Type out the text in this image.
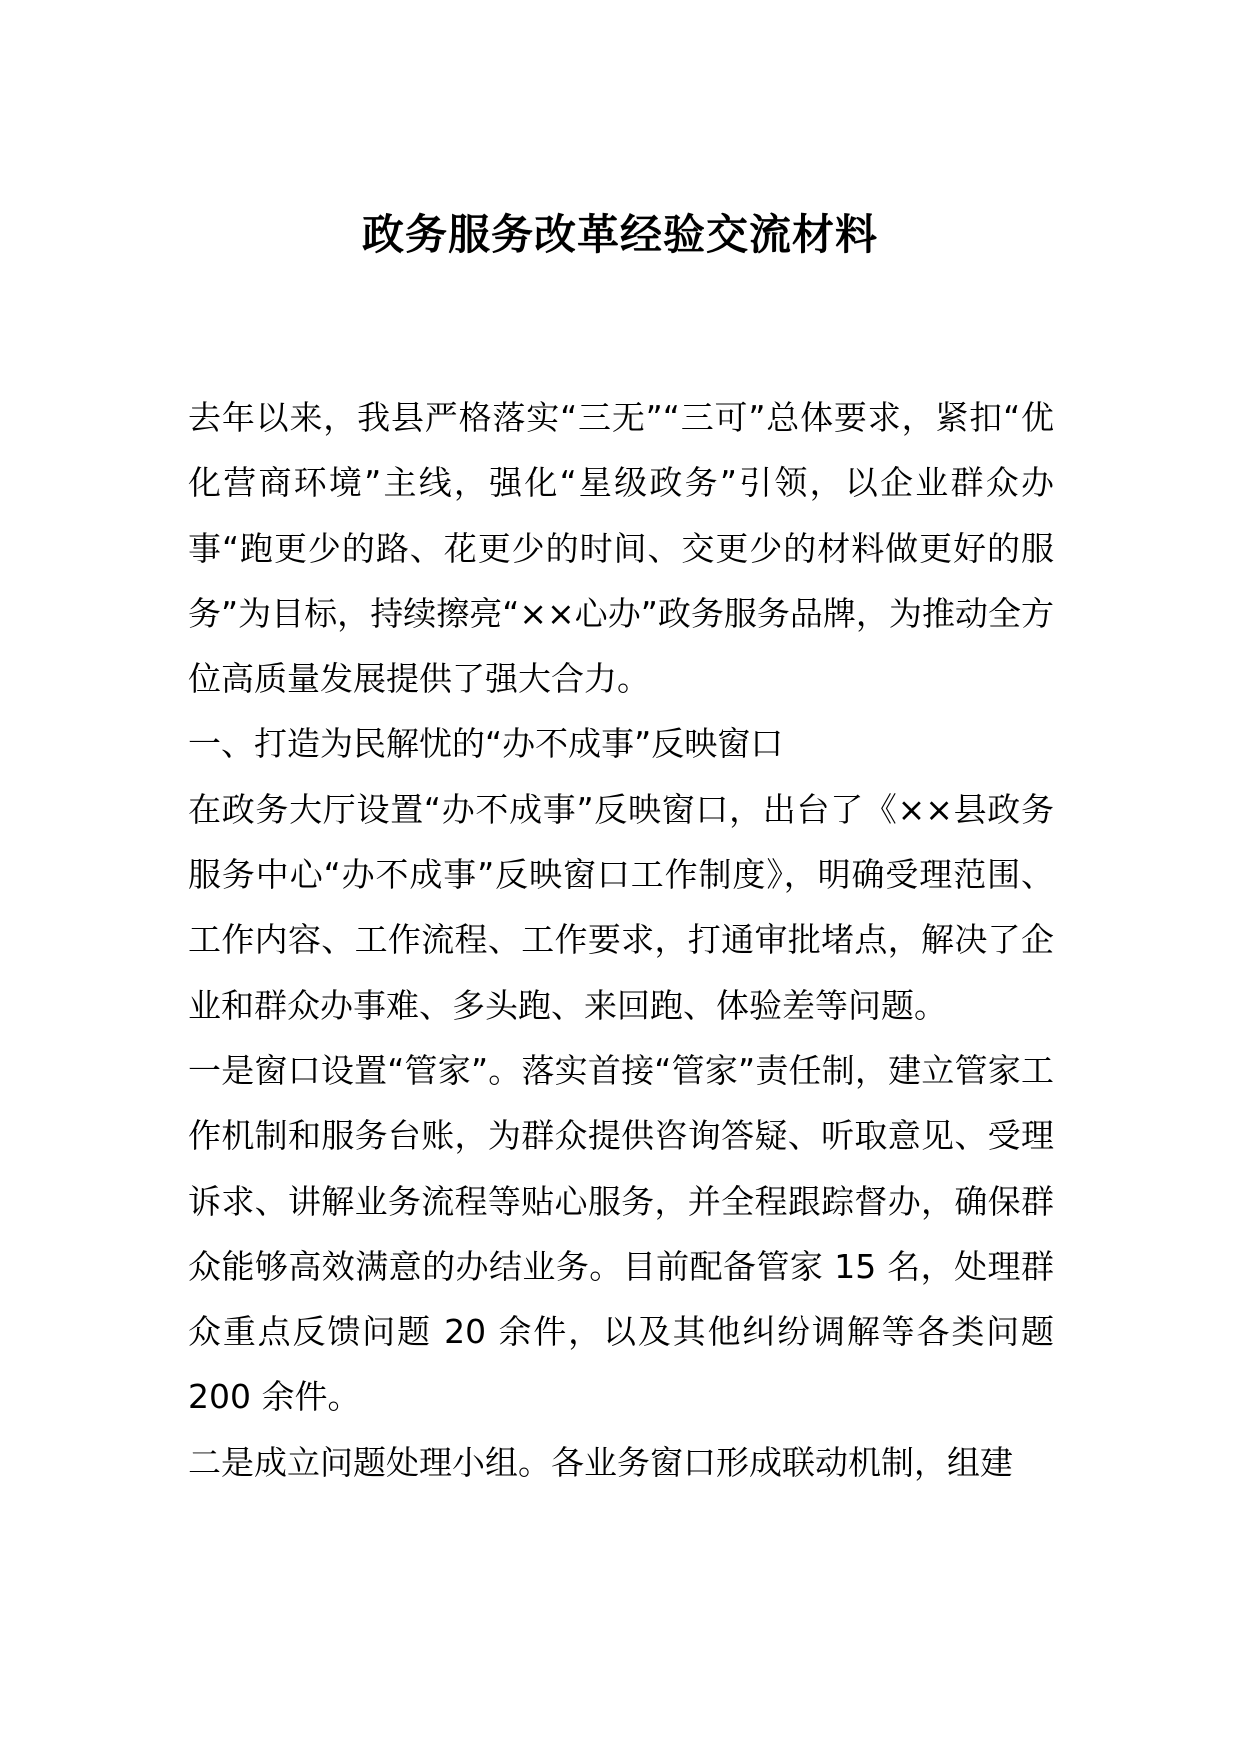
政务服务改革经验交流材料

去年以来，我县严格落实“三无”“三可”总体要求，紧扣“优化营商环境”主线，强化“星级政务”引领，以企业群众办事“跑更少的路、花更少的时间、交更少的材料做更好的服务”为目标，持续擦亮“××心办”政务服务品牌，为推动全方位高质量发展提供了强大合力。

一、打造为民解忧的“办不成事”反映窗口

在政务大厅设置“办不成事”反映窗口，出台了《××县政务服务中心“办不成事”反映窗口工作制度》，明确受理范围、工作内容、工作流程、工作要求，打通审批堵点，解决了企业和群众办事难、多头跑、来回跑、体验差等问题。

一是窗口设置“管家”。落实首接“管家”责任制，建立管家工作机制和服务台账，为群众提供咨询答疑、听取意见、受理诉求、讲解业务流程等贴心服务，并全程跟踪督办，确保群众能够高效满意的办结业务。目前配备管家 15 名，处理群众重点反馈问题 20 余件，以及其他纠纷调解等各类问题 200 余件。

二是成立问题处理小组。各业务窗口形成联动机制，组建
